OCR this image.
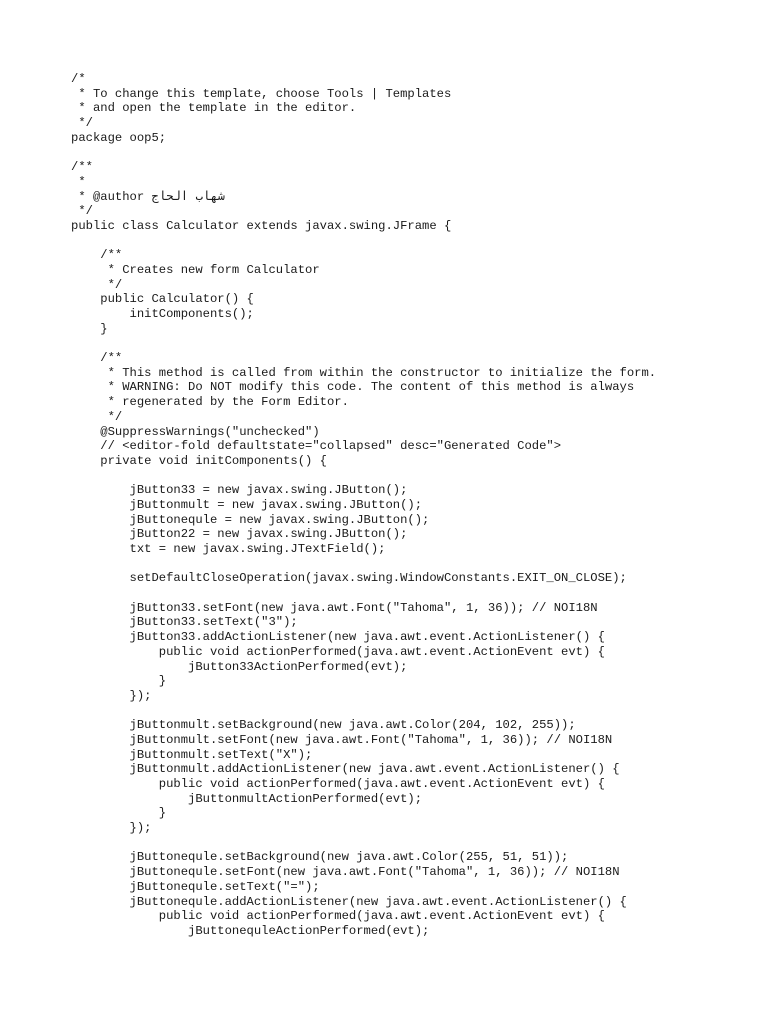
/*
* To change this template, choose Tools | Templates
* and open the template in the editor.
*/
package oop5;
/**
*
* @author شهاب الحاج
*/
public class Calculator extends javax.swing.JFrame {
/**
* Creates new form Calculator
*/
public Calculator() {
initComponents();
}
/**
* This method is called from within the constructor to initialize the form.
* WARNING: Do NOT modify this code. The content of this method is always
* regenerated by the Form Editor.
*/
@SuppressWarnings("unchecked")
// <editor-fold defaultstate="collapsed" desc="Generated Code">
private void initComponents() {
jButton33 = new javax.swing.JButton();
jButtonmult = new javax.swing.JButton();
jButtonequle = new javax.swing.JButton();
jButton22 = new javax.swing.JButton();
txt = new javax.swing.JTextField();
setDefaultCloseOperation(javax.swing.WindowConstants.EXIT_ON_CLOSE);
jButton33.setFont(new java.awt.Font("Tahoma", 1, 36)); // NOI18N
jButton33.setText("3");
jButton33.addActionListener(new java.awt.event.ActionListener() {
public void actionPerformed(java.awt.event.ActionEvent evt) {
jButton33ActionPerformed(evt);
}
});
jButtonmult.setBackground(new java.awt.Color(204, 102, 255));
jButtonmult.setFont(new java.awt.Font("Tahoma", 1, 36)); // NOI18N
jButtonmult.setText("X");
jButtonmult.addActionListener(new java.awt.event.ActionListener() {
public void actionPerformed(java.awt.event.ActionEvent evt) {
jButtonmultActionPerformed(evt);
}
});
jButtonequle.setBackground(new java.awt.Color(255, 51, 51));
jButtonequle.setFont(new java.awt.Font("Tahoma", 1, 36)); // NOI18N
jButtonequle.setText("=");
jButtonequle.addActionListener(new java.awt.event.ActionListener() {
public void actionPerformed(java.awt.event.ActionEvent evt) {
jButtonequleActionPerformed(evt);
